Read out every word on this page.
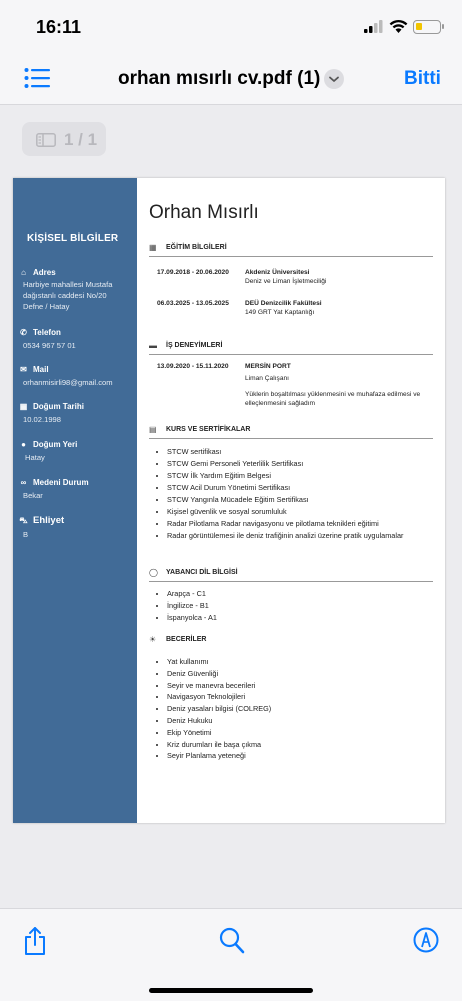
16:11
orhan mısırlı cv.pdf (1)	Bitti
1 / 1
KİŞİSEL BİLGİLER
⌂ Adres
Harbiye mahallesi Mustafa
dağıstanlı caddesi No/20
Defne / Hatay
✆ Telefon
0534 967 57 01
✉ Mail
orhanmisirli98@gmail.com
▦ Doğum Tarihi
10.02.1998
● Doğum Yeri
Hatay
∞ Medeni Durum
Bekar
⛍ Ehliyet
B
Orhan Mısırlı
▦ EĞİTİM BİLGİLERİ
17.09.2018 - 20.06.2020 Akdeniz Üniversitesi
Deniz ve Liman İşletmeciliği
06.03.2025 - 13.05.2025 DEÜ Denizcilik Fakültesi
149 GRT Yat Kaptanlığı
▬ İŞ DENEYİMLERİ
13.09.2020 - 15.11.2020	MERSİN PORT
Liman Çalışanı
Yüklerin boşaltılması yüklenmesini ve muhafaza edilmesi ve elleçlenmesini sağladım
▤ KURS VE SERTİFİKALAR
• STCW sertifikası
• STCW Gemi Personeli Yeterlilik Sertifikası
• STCW İlk Yardım Eğitim Belgesi
• STCW Acil Durum Yönetimi Sertifikası
• STCW Yangınla Mücadele Eğitim Sertifikası
• Kişisel güvenlik ve sosyal sorumluluk
• Radar Pilotlama Radar navigasyonu ve pilotlama teknikleri eğitimi
• Radar görüntülemesi ile deniz trafiğinin analizi üzerine pratik uygulamalar
◯ YABANCI DİL BİLGİSİ
• Arapça - C1
• İngilizce - B1
• İspanyolca - A1
☀ BECERİLER
• Yat kullanımı
• Deniz Güvenliği
• Seyir ve manevra becerileri
• Navigasyon Teknolojileri
• Deniz yasaları bilgisi (COLREG)
• Deniz Hukuku
• Ekip Yönetimi
• Kriz durumları ile başa çıkma
• Seyir Planlama yeteneği
